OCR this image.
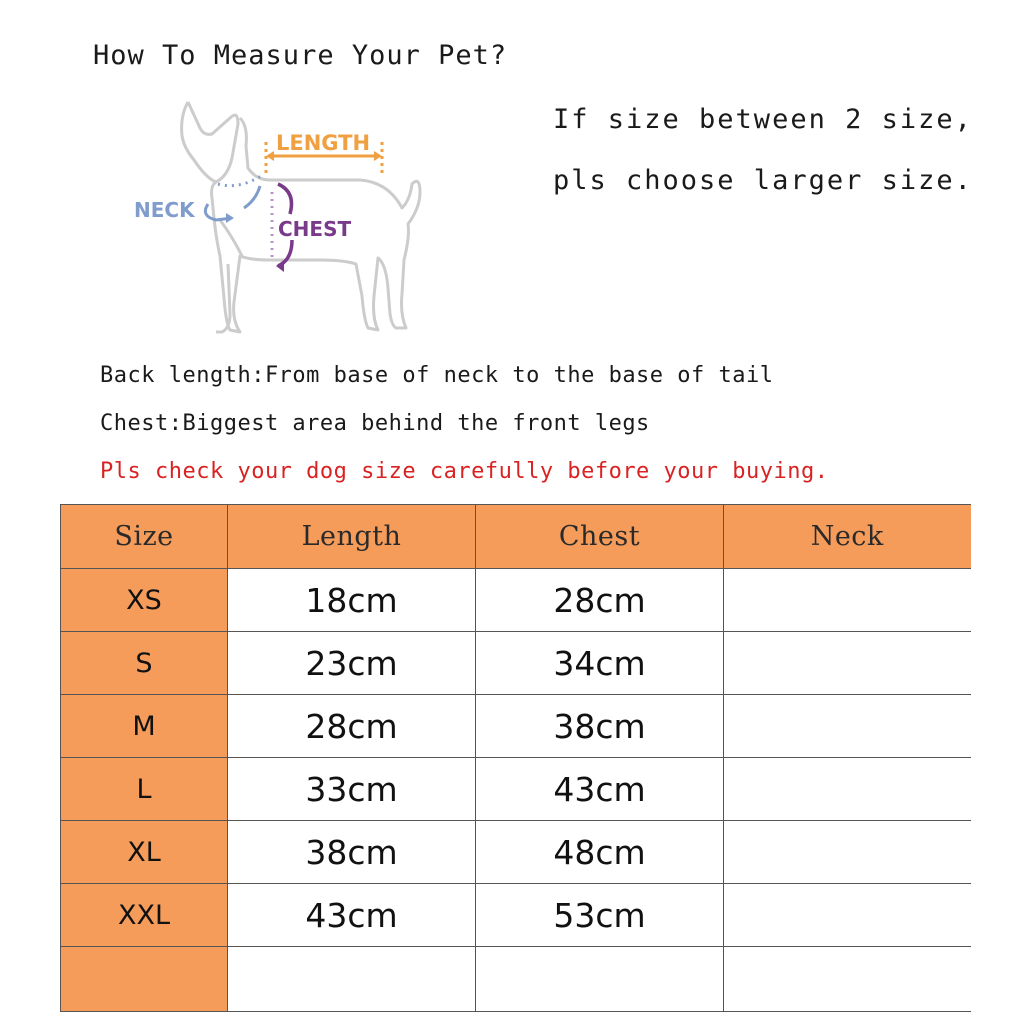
How To Measure Your Pet?
LENGTH
NECK
CHEST
If size between 2 size,
pls choose larger size.
Back length:From base of neck to the base of tail
Chest:Biggest area behind the front legs
Pls check your dog size carefully before your buying.
Size	Length	Chest	Neck
XS	18cm	28cm	
S	23cm	34cm	
M	28cm	38cm	
L	33cm	43cm	
XL	38cm	48cm	
XXL	43cm	53cm	
